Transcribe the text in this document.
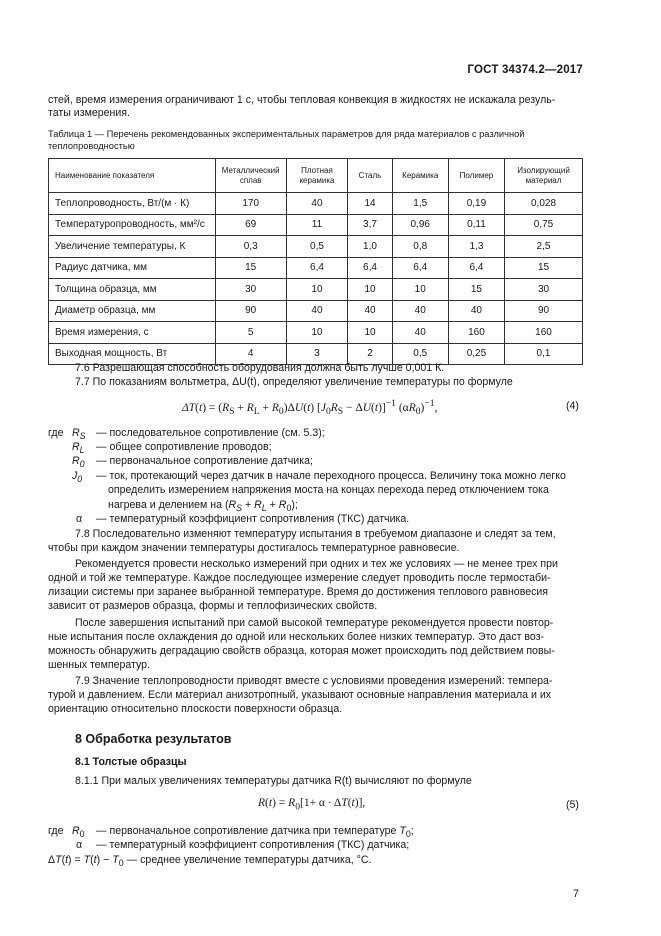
ГОСТ 34374.2—2017
стей, время измерения ограничивают 1 с, чтобы тепловая конвекция в жидкостях не искажала резуль-
таты измерения.
Таблица 1 — Перечень рекомендованных экспериментальных параметров для ряда материалов с различной
теплопроводностью
Наименование показателя	Металлический сплав	Плотная керамика	Сталь	Керамика	Полимер	Изолирующий материал
Теплопроводность, Вт/(м · К)	170	40	14	1,5	0,19	0,028
Температуропроводность, мм²/с	69	11	3,7	0,96	0,11	0,75
Увеличение температуры, К	0,3	0,5	1,0	0,8	1,3	2,5
Радиус датчика, мм	15	6,4	6,4	6,4	6,4	15
Толщина образца, мм	30	10	10	10	15	30
Диаметр образца, мм	90	40	40	40	40	90
Время измерения, с	5	10	10	40	160	160
Выходная мощность, Вт	4	3	2	0,5	0,25	0,1
7.6 Разрешающая способность оборудования должна быть лучше 0,001 К.
7.7 По показаниям вольтметра, ΔU(t), определяют увеличение температуры по формуле
$\Delta T(t) = (R_S + R_L + R_0)\Delta U(t) [J_0R_S - \Delta U(t)]^{-1}$ $(\alpha R_0)^{-1}$,	(4)
где $R_S$ — последовательное сопротивление (см. 5.3);
$R_L$ — общее сопротивление проводов;
$R_0$ — первоначальное сопротивление датчика;
$J_0$ — ток, протекающий через датчик в начале переходного процесса. Величину тока можно легко
определить измерением напряжения моста на концах перехода перед отключением тока
нагрева и делением на $(R_S + R_L + R_0)$;
α — температурный коэффициент сопротивления (ТКС) датчика.
7.8 Последовательно изменяют температуру испытания в требуемом диапазоне и следят за тем,
чтобы при каждом значении температуры достигалось температурное равновесие.
Рекомендуется провести несколько измерений при одних и тех же условиях — не менее трех при
одной и той же температуре. Каждое последующее измерение следует проводить после термостаби-
лизации системы при заранее выбранной температуре. Время до достижения теплового равновесия
зависит от размеров образца, формы и теплофизических свойств.
После завершения испытаний при самой высокой температуре рекомендуется провести повтор-
ные испытания после охлаждения до одной или нескольких более низких температур. Это даст воз-
можность обнаружить деградацию свойств образца, которая может происходить под действием повы-
шенных температур.
7.9 Значение теплопроводности приводят вместе с условиями проведения измерений: темпера-
турой и давлением. Если материал анизотропный, указывают основные направления материала и их
ориентацию относительно плоскости поверхности образца.
8 Обработка результатов
8.1 Толстые образцы
8.1.1 При малых увеличениях температуры датчика R(t) вычисляют по формуле
$R(t) = R_0[1+ \alpha \cdot \Delta T(t)]$,	(5)
где $R_0$ — первоначальное сопротивление датчика при температуре $T_0$;
α — температурный коэффициент сопротивления (ТКС) датчика;
$\Delta T(t) = T(t) - T_0$ — среднее увеличение температуры датчика, °С.
7
